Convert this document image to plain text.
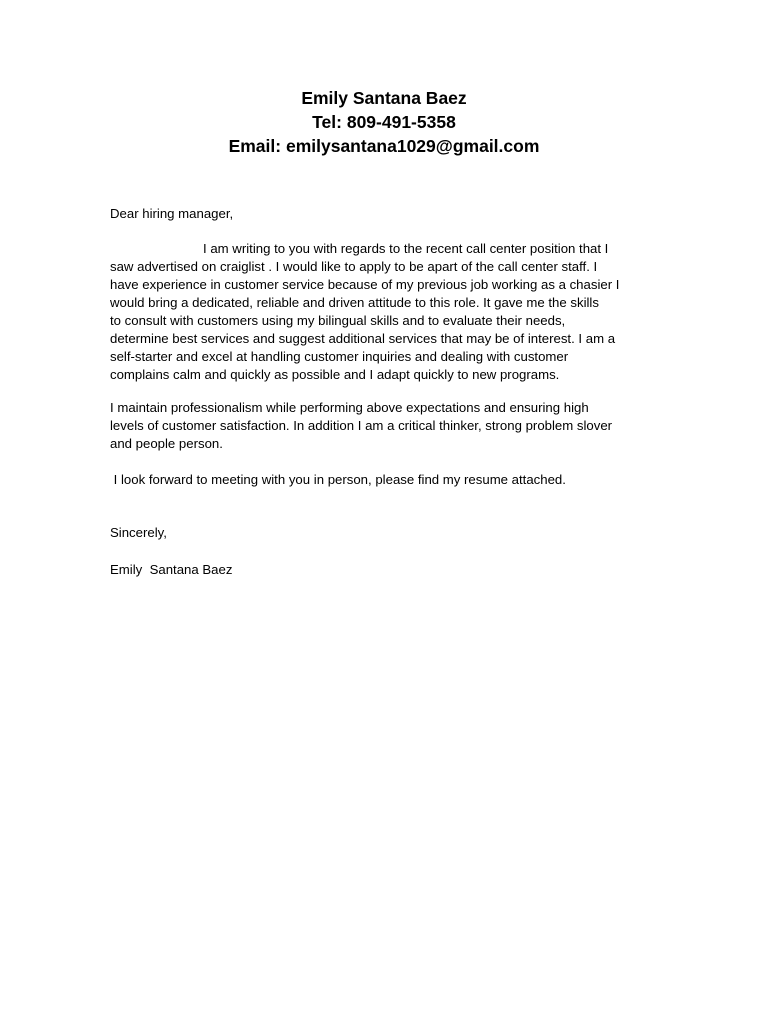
Emily Santana Baez
Tel: 809-491-5358
Email: emilysantana1029@gmail.com
Dear hiring manager,
I am writing to you with regards to the recent call center position that I
saw advertised on craiglist . I would like to apply to be apart of the call center staff. I
have experience in customer service because of my previous job working as a chasier I
would bring a dedicated, reliable and driven attitude to this role. It gave me the skills
to consult with customers using my bilingual skills and to evaluate their needs,
determine best services and suggest additional services that may be of interest. I am a
self-starter and excel at handling customer inquiries and dealing with customer
complains calm and quickly as possible and I adapt quickly to new programs.
I maintain professionalism while performing above expectations and ensuring high
levels of customer satisfaction. In addition I am a critical thinker, strong problem slover
and people person.
I look forward to meeting with you in person, please find my resume attached.
Sincerely,
Emily  Santana Baez
